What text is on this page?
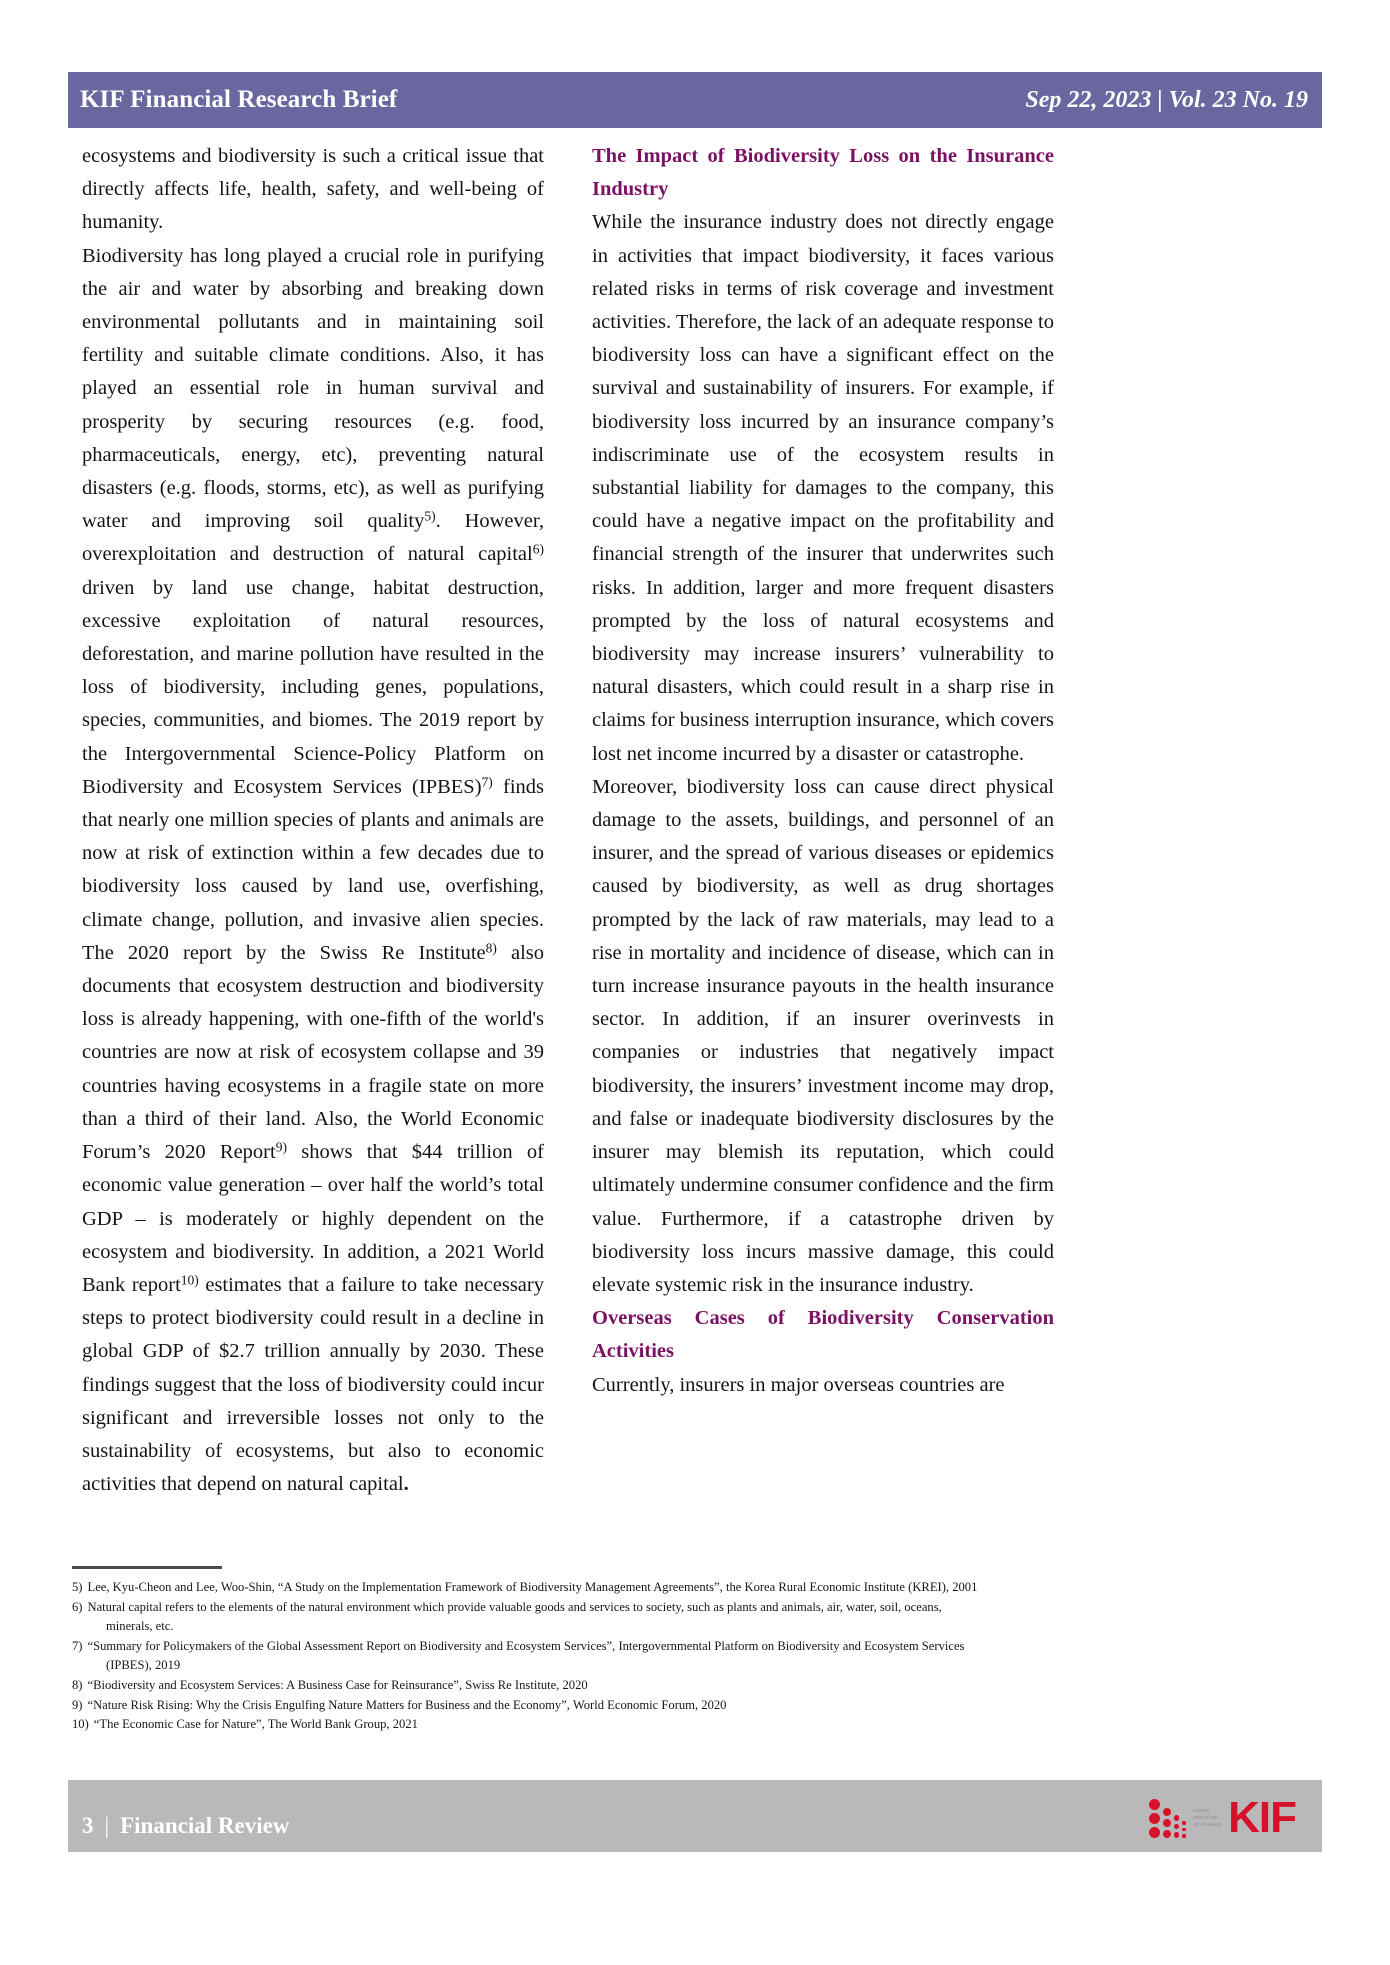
KIF Financial Research Brief	Sep 22, 2023 | Vol. 23 No. 19

ecosystems and biodiversity is such a critical issue that directly affects life, health, safety, and well-being of humanity.

Biodiversity has long played a crucial role in purifying the air and water by absorbing and breaking down environmental pollutants and in maintaining soil fertility and suitable climate conditions. Also, it has played an essential role in human survival and prosperity by securing resources (e.g. food, pharmaceuticals, energy, etc), preventing natural disasters (e.g. floods, storms, etc), as well as purifying water and improving soil quality$^{5)}$. However, overexploitation and destruction of natural capital$^{6)}$ driven by land use change, habitat destruction, excessive exploitation of natural resources, deforestation, and marine pollution have resulted in the loss of biodiversity, including genes, populations, species, communities, and biomes. The 2019 report by the Intergovernmental Science-Policy Platform on Biodiversity and Ecosystem Services (IPBES)$^{7)}$ finds that nearly one million species of plants and animals are now at risk of extinction within a few decades due to biodiversity loss caused by land use, overfishing, climate change, pollution, and invasive alien species. The 2020 report by the Swiss Re Institute$^{8)}$ also documents that ecosystem destruction and biodiversity loss is already happening, with one-fifth of the world's countries are now at risk of ecosystem collapse and 39 countries having ecosystems in a fragile state on more than a third of their land. Also, the World Economic Forum’s 2020 Report$^{9)}$ shows that $44 trillion of economic value generation – over half the world’s total GDP – is moderately or highly dependent on the ecosystem and biodiversity. In addition, a 2021 World Bank report$^{10)}$ estimates that a failure to take necessary steps to protect biodiversity could result in a decline in global GDP of $2.7 trillion annually by 2030. These findings suggest that the loss of biodiversity could incur significant and irreversible losses not only to the sustainability of ecosystems, but also to economic activities that depend on natural capital.

The Impact of Biodiversity Loss on the Insurance Industry

While the insurance industry does not directly engage in activities that impact biodiversity, it faces various related risks in terms of risk coverage and investment activities. Therefore, the lack of an adequate response to biodiversity loss can have a significant effect on the survival and sustainability of insurers. For example, if biodiversity loss incurred by an insurance company’s indiscriminate use of the ecosystem results in substantial liability for damages to the company, this could have a negative impact on the profitability and financial strength of the insurer that underwrites such risks. In addition, larger and more frequent disasters prompted by the loss of natural ecosystems and biodiversity may increase insurers’ vulnerability to natural disasters, which could result in a sharp rise in claims for business interruption insurance, which covers lost net income incurred by a disaster or catastrophe.

Moreover, biodiversity loss can cause direct physical damage to the assets, buildings, and personnel of an insurer, and the spread of various diseases or epidemics caused by biodiversity, as well as drug shortages prompted by the lack of raw materials, may lead to a rise in mortality and incidence of disease, which can in turn increase insurance payouts in the health insurance sector. In addition, if an insurer overinvests in companies or industries that negatively impact biodiversity, the insurers’ investment income may drop, and false or inadequate biodiversity disclosures by the insurer may blemish its reputation, which could ultimately undermine consumer confidence and the firm value. Furthermore, if a catastrophe driven by biodiversity loss incurs massive damage, this could elevate systemic risk in the insurance industry.

Overseas Cases of Biodiversity Conservation Activities

Currently, insurers in major overseas countries are

5) Lee, Kyu-Cheon and Lee, Woo-Shin, “A Study on the Implementation Framework of Biodiversity Management Agreements”, the Korea Rural Economic Institute (KREI), 2001
6) Natural capital refers to the elements of the natural environment which provide valuable goods and services to society, such as plants and animals, air, water, soil, oceans,
minerals, etc.
7) “Summary for Policymakers of the Global Assessment Report on Biodiversity and Ecosystem Services”, Intergovernmental Platform on Biodiversity and Ecosystem Services
(IPBES), 2019
8) “Biodiversity and Ecosystem Services: A Business Case for Reinsurance”, Swiss Re Institute, 2020
9) “Nature Risk Rising: Why the Crisis Engulfing Nature Matters for Business and the Economy”, World Economic Forum, 2020
10) “The Economic Case for Nature”, The World Bank Group, 2021
3 | Financial Review
KOREA
INSTITUTE
OF FINANCE KIF
